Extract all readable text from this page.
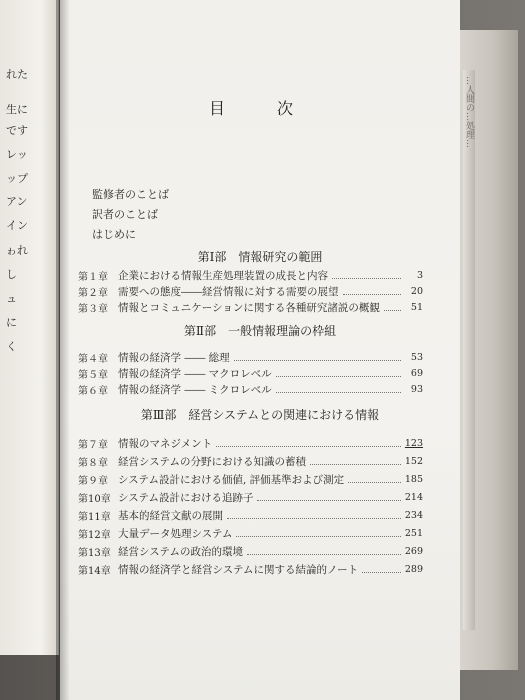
れた
生に
です
レッ
ップ
アン
イン
ゎれ
し
ュ
に
く
…人間の…処理…
目　次
監修者のことば
訳者のことば
はじめに
第Ⅰ部　情報研究の範囲
第１章 企業における情報生産処理装置の成長と内容	3
第２章 需要への態度――経営情報に対する需要の展望	20
第３章 情報とコミュニケーションに関する各種研究諸説の概観	51
第Ⅱ部　一般情報理論の枠組
第４章 情報の経済学 ―― 総理	53
第５章 情報の経済学 ―― マクロレベル	69
第６章 情報の経済学 ―― ミクロレベル	93
第Ⅲ部　経営システムとの関連における情報
第７章 情報のマネジメント	123
第８章 経営システムの分野における知識の蓄積	152
第９章 システム設計における価値, 評価基準および測定	185
第10章 システム設計における追跡子	214
第11章 基本的経営文献の展開	234
第12章 大量データ処理システム	251
第13章 経営システムの政治的環境	269
第14章 情報の経済学と経営システムに関する結論的ノート	289
